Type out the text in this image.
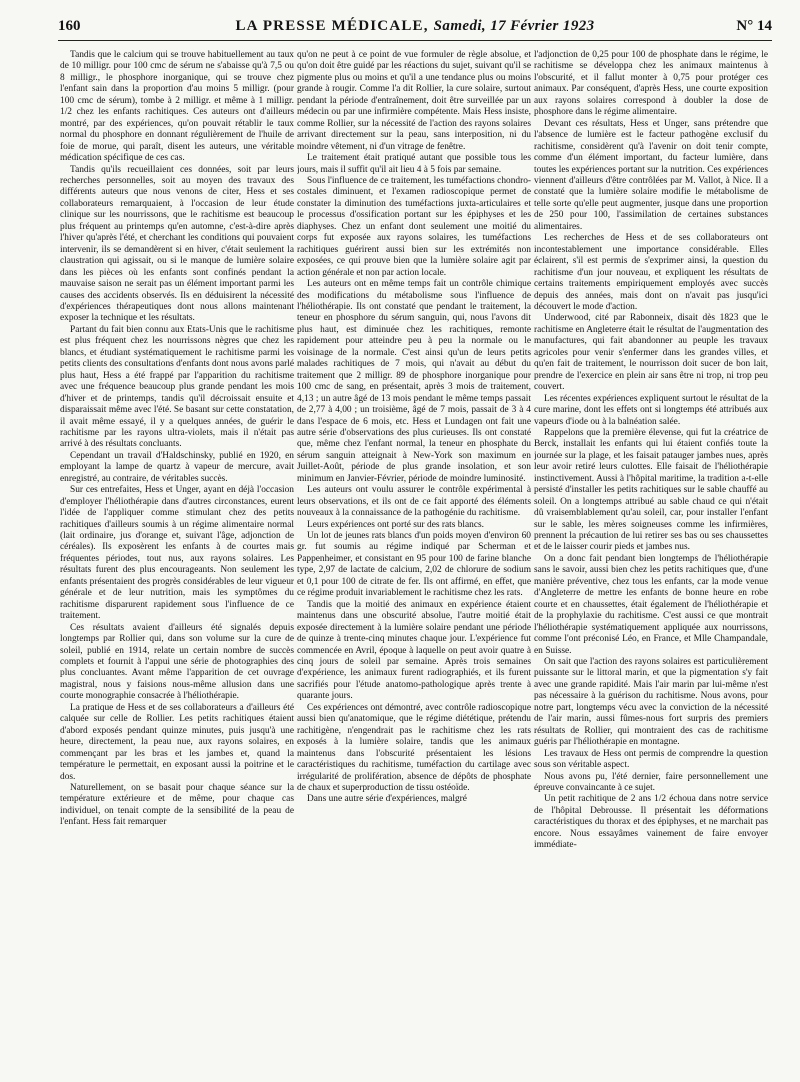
160	LA PRESSE MÉDICALE, Samedi, 17 Février 1923	N° 14

Tandis que le calcium qui se trouve habituellement au taux de 10 milligr. pour 100 cmc de sérum ne s'abaisse qu'à 7,5 ou 8 milligr., le phosphore inorganique, qui se trouve chez l'enfant sain dans la proportion d'au moins 5 milligr. (pour 100 cmc de sérum), tombe à 2 milligr. et même à 1 milligr. 1/2 chez les enfants rachitiques. Ces auteurs ont d'ailleurs montré, par des expériences, qu'on pouvait rétablir le taux normal du phosphore en donnant régulièrement de l'huile de foie de morue, qui paraît, disent les auteurs, une véritable médication spécifique de ces cas.

Tandis qu'ils recueillaient ces données, soit par leurs recherches personnelles, soit au moyen des travaux des différents auteurs que nous venons de citer, Hess et ses collaborateurs remarquaient, à l'occasion de leur étude clinique sur les nourrissons, que le rachitisme est beaucoup plus fréquent au printemps qu'en automne, c'est-à-dire après l'hiver qu'après l'été, et cherchant les conditions qui pouvaient intervenir, ils se demandèrent si en hiver, c'était seulement la claustration qui agissait, ou si le manque de lumière solaire dans les pièces où les enfants sont confinés pendant la mauvaise saison ne serait pas un élément important parmi les causes des accidents observés. Ils en déduisirent la nécessité d'expériences thérapeutiques dont nous allons maintenant exposer la technique et les résultats.

Partant du fait bien connu aux Etats-Unis que le rachitisme est plus fréquent chez les nourrissons nègres que chez les blancs, et étudiant systématiquement le rachitisme parmi les petits clients des consultations d'enfants dont nous avons parlé plus haut, Hess a été frappé par l'apparition du rachitisme avec une fréquence beaucoup plus grande pendant les mois d'hiver et de printemps, tandis qu'il décroissait ensuite et disparaissait même avec l'été. Se basant sur cette constatation, il avait même essayé, il y a quelques années, de guérir le rachitisme par les rayons ultra-violets, mais il n'était pas arrivé à des résultats concluants.

Cependant un travail d'Haldschinsky, publié en 1920, en employant la lampe de quartz à vapeur de mercure, avait enregistré, au contraire, de véritables succès.

Sur ces entrefaites, Hess et Unger, ayant en déjà l'occasion d'employer l'héliothérapie dans d'autres circonstances, eurent l'idée de l'appliquer comme stimulant chez des petits rachitiques d'ailleurs soumis à un régime alimentaire normal (lait ordinaire, jus d'orange et, suivant l'âge, adjonction de céréales). Ils exposèrent les enfants à de courtes mais fréquentes périodes, tout nus, aux rayons solaires. Les résultats furent des plus encourageants. Non seulement les enfants présentaient des progrès considérables de leur vigueur générale et de leur nutrition, mais les symptômes du rachitisme disparurent rapidement sous l'influence de ce traitement.

Ces résultats avaient d'ailleurs été signalés depuis longtemps par Rollier qui, dans son volume sur la cure de soleil, publié en 1914, relate un certain nombre de succès complets et fournit à l'appui une série de photographies des plus concluantes. Avant même l'apparition de cet ouvrage magistral, nous y faisions nous-même allusion dans une courte monographie consacrée à l'héliothérapie.

La pratique de Hess et de ses collaborateurs a d'ailleurs été calquée sur celle de Rollier. Les petits rachitiques étaient d'abord exposés pendant quinze minutes, puis jusqu'à une heure, directement, la peau nue, aux rayons solaires, en commençant par les bras et les jambes et, quand la température le permettait, en exposant aussi la poitrine et le dos.

Naturellement, on se basait pour chaque séance sur la température extérieure et de même, pour chaque cas individuel, on tenait compte de la sensibilité de la peau de l'enfant. Hess fait remarquer

qu'on ne peut à ce point de vue formuler de règle absolue, et qu'on doit être guidé par les réactions du sujet, suivant qu'il se pigmente plus ou moins et qu'il a une tendance plus ou moins grande à rougir. Comme l'a dit Rollier, la cure solaire, surtout pendant la période d'entraînement, doit être surveillée par un médecin ou par une infirmière compétente. Mais Hess insiste, comme Rollier, sur la nécessité de l'action des rayons solaires arrivant directement sur la peau, sans interposition, ni du moindre vêtement, ni d'un vitrage de fenêtre.

Le traitement était pratiqué autant que possible tous les jours, mais il suffit qu'il ait lieu 4 à 5 fois par semaine.

Sous l'influence de ce traitement, les tuméfactions chondro-costales diminuent, et l'examen radioscopique permet de constater la diminution des tuméfactions juxta-articulaires et le processus d'ossification portant sur les épiphyses et les diaphyses. Chez un enfant dont seulement une moitié du corps fut exposée aux rayons solaires, les tuméfactions rachitiques guérirent aussi bien sur les extrémités non exposées, ce qui prouve bien que la lumière solaire agit par action générale et non par action locale.

Les auteurs ont en même temps fait un contrôle chimique des modifications du métabolisme sous l'influence de l'héliothérapie. Ils ont constaté que pendant le traitement, la teneur en phosphore du sérum sanguin, qui, nous l'avons dit plus haut, est diminuée chez les rachitiques, remonte rapidement pour atteindre peu à peu la normale ou le voisinage de la normale. C'est ainsi qu'un de leurs petits malades rachitiques de 7 mois, qui n'avait au début du traitement que 2 milligr. 89 de phosphore inorganique pour 100 cmc de sang, en présentait, après 3 mois de traitement, 4,13 ; un autre âgé de 13 mois pendant le même temps passait de 2,77 à 4,00 ; un troisième, âgé de 7 mois, passait de 3 à 4 dans l'espace de 6 mois, etc. Hess et Lundagen ont fait une autre série d'observations des plus curieuses. Ils ont constaté que, même chez l'enfant normal, la teneur en phosphate du sérum sanguin atteignait à New-York son maximum en Juillet-Août, période de plus grande insolation, et son minimum en Janvier-Février, période de moindre luminosité.

Les auteurs ont voulu assurer le contrôle expérimental à leurs observations, et ils ont de ce fait apporté des éléments nouveaux à la connaissance de la pathogénie du rachitisme.

Leurs expériences ont porté sur des rats blancs.

Un lot de jeunes rats blancs d'un poids moyen d'environ 60 gr. fut soumis au régime indiqué par Scherman et Pappenheimer, et consistant en 95 pour 100 de farine blanche type, 2,97 de lactate de calcium, 2,02 de chlorure de sodium et 0,1 pour 100 de citrate de fer. Ils ont affirmé, en effet, que ce régime produit invariablement le rachitisme chez les rats.

Tandis que la moitié des animaux en expérience étaient maintenus dans une obscurité absolue, l'autre moitié était exposée directement à la lumière solaire pendant une période de quinze à trente-cinq minutes chaque jour. L'expérience fut commencée en Avril, époque à laquelle on peut avoir quatre à cinq jours de soleil par semaine. Après trois semaines d'expérience, les animaux furent radiographiés, et ils furent sacrifiés pour l'étude anatomo-pathologique après trente à quarante jours.

Ces expériences ont démontré, avec contrôle radioscopique aussi bien qu'anatomique, que le régime diététique, prétendu rachitigène, n'engendrait pas le rachitisme chez les rats exposés à la lumière solaire, tandis que les animaux maintenus dans l'obscurité présentaient les lésions caractéristiques du rachitisme, tuméfaction du cartilage avec irrégularité de prolifération, absence de dépôts de phosphate de chaux et superproduction de tissu ostéoïde.

Dans une autre série d'expériences, malgré

l'adjonction de 0,25 pour 100 de phosphate dans le régime, le rachitisme se développa chez les animaux maintenus à l'obscurité, et il fallut monter à 0,75 pour protéger ces animaux. Par conséquent, d'après Hess, une courte exposition aux rayons solaires correspond à doubler la dose de phosphore dans le régime alimentaire.

Devant ces résultats, Hess et Unger, sans prétendre que l'absence de lumière est le facteur pathogène exclusif du rachitisme, considèrent qu'à l'avenir on doit tenir compte, comme d'un élément important, du facteur lumière, dans toutes les expériences portant sur la nutrition. Ces expériences viennent d'ailleurs d'être contrôlées par M. Vallot, à Nice. Il a constaté que la lumière solaire modifie le métabolisme de telle sorte qu'elle peut augmenter, jusque dans une proportion de 250 pour 100, l'assimilation de certaines substances alimentaires.

Les recherches de Hess et de ses collaborateurs ont incontestablement une importance considérable. Elles éclairent, s'il est permis de s'exprimer ainsi, la question du rachitisme d'un jour nouveau, et expliquent les résultats de certains traitements empiriquement employés avec succès depuis des années, mais dont on n'avait pas jusqu'ici découvert le mode d'action.

Underwood, cité par Rabonneix, disait dès 1823 que le rachitisme en Angleterre était le résultat de l'augmentation des manufactures, qui fait abandonner au peuple les travaux agricoles pour venir s'enfermer dans les grandes villes, et qu'en fait de traitement, le nourrisson doit sucer de bon lait, prendre de l'exercice en plein air sans être ni trop, ni trop peu couvert.

Les récentes expériences expliquent surtout le résultat de la cure marine, dont les effets ont si longtemps été attribués aux vapeurs d'iode ou à la balnéation salée.

Rappelons que la première élevense, qui fut la créatrice de Berck, installait les enfants qui lui étaient confiés toute la journée sur la plage, et les faisait patauger jambes nues, après leur avoir retiré leurs culottes. Elle faisait de l'héliothérapie instinctivement. Aussi à l'hôpital maritime, la tradition a-t-elle persisté d'installer les petits rachitiques sur le sable chauffé au soleil. On a longtemps attribué au sable chaud ce qui n'était dû vraisemblablement qu'au soleil, car, pour installer l'enfant sur le sable, les mères soigneuses comme les infirmières, prennent la précaution de lui retirer ses bas ou ses chaussettes et de le laisser courir pieds et jambes nus.

On a donc fait pendant bien longtemps de l'héliothérapie sans le savoir, aussi bien chez les petits rachitiques que, d'une manière préventive, chez tous les enfants, car la mode venue d'Angleterre de mettre les enfants de bonne heure en robe courte et en chaussettes, était également de l'héliothérapie et de la prophylaxie du rachitisme. C'est aussi ce que montrait l'héliothérapie systématiquement appliquée aux nourrissons, comme l'ont préconisé Léo, en France, et Mlle Champandale, en Suisse.

On sait que l'action des rayons solaires est particulièrement puissante sur le littoral marin, et que la pigmentation s'y fait avec une grande rapidité. Mais l'air marin par lui-même n'est pas nécessaire à la guérison du rachitisme. Nous avons, pour notre part, longtemps vécu avec la conviction de la nécessité de l'air marin, aussi fûmes-nous fort surpris des premiers résultats de Rollier, qui montraient des cas de rachitisme guéris par l'héliothérapie en montagne.

Les travaux de Hess ont permis de comprendre la question sous son véritable aspect.

Nous avons pu, l'été dernier, faire personnellement une épreuve convaincante à ce sujet.

Un petit rachitique de 2 ans 1/2 échoua dans notre service de l'hôpital Debrousse. Il présentait les déformations caractéristiques du thorax et des épiphyses, et ne marchait pas encore. Nous essayâmes vainement de faire envoyer immédiate-
